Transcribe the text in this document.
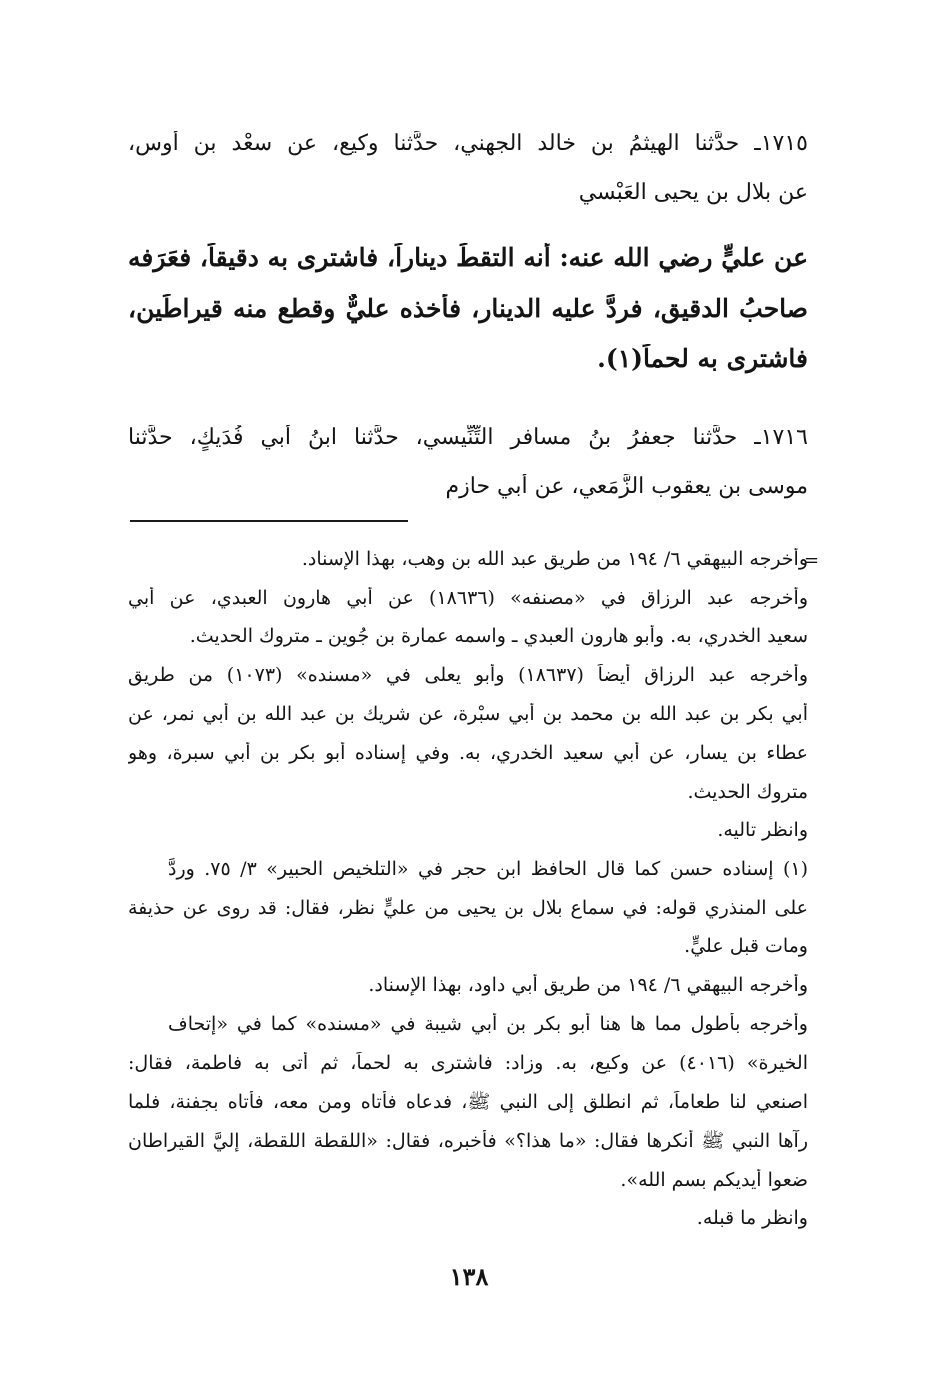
١٧١٥ـ حدَّثنا الهيثمُ بن خالد الجهني، حدَّثنا وكيع، عن سعْد بن أوس،
عن بلال بن يحيى العَبْسي
عن عليٍّ رضي الله عنه: أنه التقطَ ديناراً، فاشترى به دقيقاً، فعَرَفه
صاحبُ الدقيق، فردَّ عليه الدينار، فأخذه عليٌّ وقطع منه قيراطَين،
فاشترى به لحماً(١).
١٧١٦ـ حدَّثنا جعفرُ بنُ مسافر التِّنِّيسي، حدَّثنا ابنُ أبي فُدَيكٍ، حدَّثنا
موسى بن يعقوب الزَّمَعي، عن أبي حازمٍ
=
وأخرجه البيهقي ٦/ ١٩٤ من طريق عبد الله بن وهب، بهذا الإسناد.
وأخرجه عبد الرزاق في «مصنفه» (١٨٦٣٦) عن أبي هارون العبدي، عن أبي
سعيد الخدري، به. وأبو هارون العبدي ـ واسمه عمارة بن جُوين ـ متروك الحديث.
وأخرجه عبد الرزاق أيضاً (١٨٦٣٧) وأبو يعلى في «مسنده» (١٠٧٣) من طريق
أبي بكر بن عبد الله بن محمد بن أبي سبْرة، عن شريك بن عبد الله بن أبي نمر، عن
عطاء بن يسار، عن أبي سعيد الخدري، به. وفي إسناده أبو بكر بن أبي سبرة، وهو
متروك الحديث.
وانظر تاليه.
(١) إسناده حسن كما قال الحافظ ابن حجر في «التلخيص الحبير» ٣/ ٧٥. وردَّ
على المنذري قوله: في سماع بلال بن يحيى من عليٍّ نظر، فقال: قد روى عن حذيفة
ومات قبل عليٍّ.
وأخرجه البيهقي ٦/ ١٩٤ من طريق أبي داود، بهذا الإسناد.
وأخرجه بأطول مما ها هنا أبو بكر بن أبي شيبة في «مسنده» كما في «إتحاف
الخيرة» (٤٠١٦) عن وكيع، به. وزاد: فاشترى به لحماً، ثم أتى به فاطمة، فقال:
اصنعي لنا طعاماً، ثم انطلق إلى النبي ﷺ، فدعاه فأتاه ومن معه، فأتاه بجفنة، فلما
رآها النبي ﷺ أنكرها فقال: «ما هذا؟» فأخبره، فقال: «اللقطة اللقطة، إليَّ القيراطان
ضعوا أيديكم بسم الله».
وانظر ما قبله.
١٣٨
